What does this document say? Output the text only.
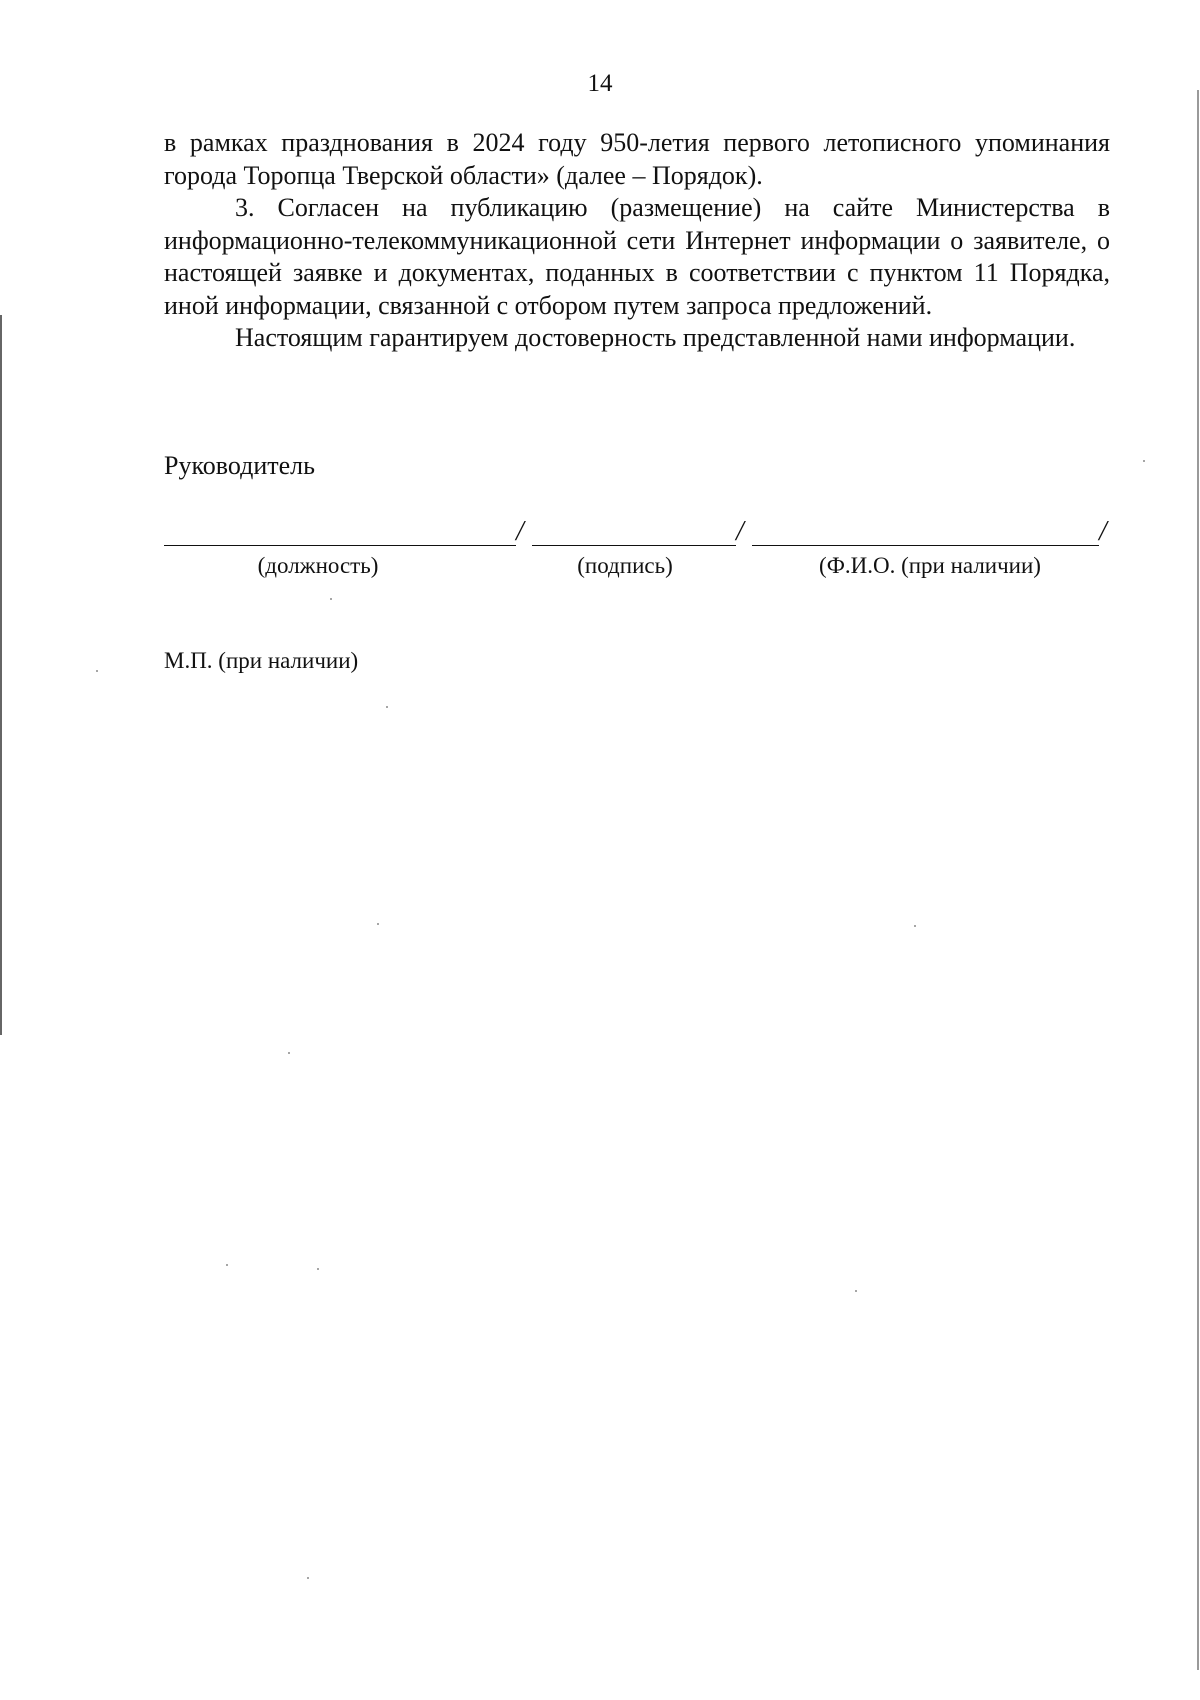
14

в рамках празднования в 2024 году 950-летия первого летописного упоминания города Торопца Тверской области» (далее – Порядок).

3. Согласен на публикацию (размещение) на сайте Министерства в информационно-телекоммуникационной сети Интернет информации о заявителе, о настоящей заявке и документах, поданных в соответствии с пунктом 11 Порядка, иной информации, связанной с отбором путем запроса предложений.

Настоящим гарантируем достоверность представленной нами информации.

Руководитель
/	/	/
(должность)	(подпись)	(Ф.И.О. (при наличии)
М.П. (при наличии)
